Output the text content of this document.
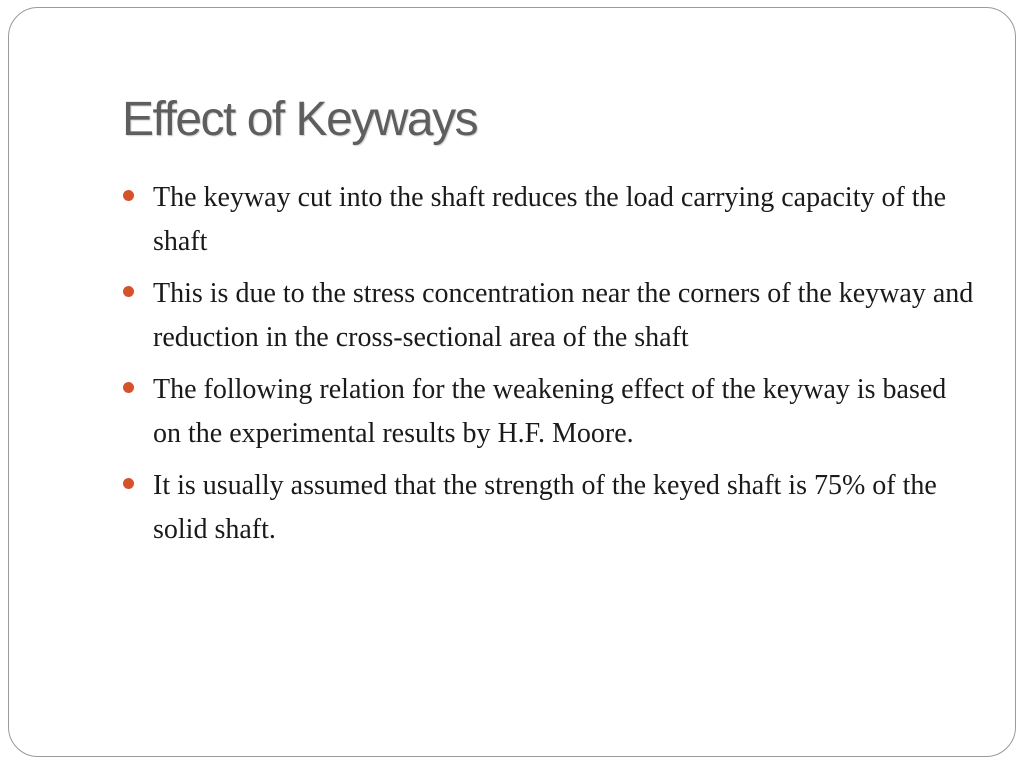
Effect of Keyways
The keyway cut into the shaft reduces the load carrying capacity of the shaft
This is due to the stress concentration near the corners of the keyway and reduction in the cross-sectional area of the shaft
The following relation for the weakening effect of the keyway is based on the experimental results by H.F. Moore.
It is usually assumed that the strength of the keyed shaft is 75% of the solid shaft.
